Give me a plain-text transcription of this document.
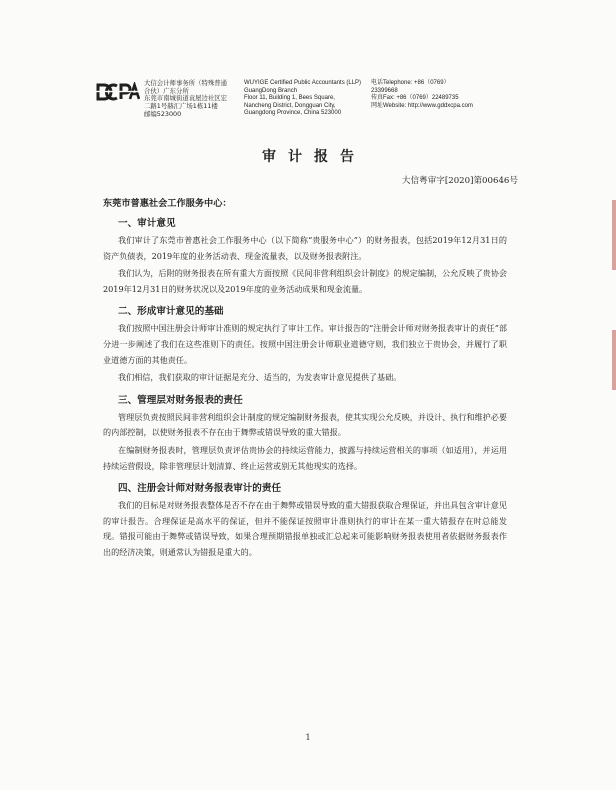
大信会计师事务所（特殊普通
合伙）广东分所
东莞市南城街道袁屋边社区宏
二路1号赫汇广场1栋11楼
邮编523000
WUYIGE Certified Public Accountants (LLP)
GuangDong Branch
Floor 11, Building 1, Bees Square,
Nancheng District, Dongguan City,
Guangdong Province, China 523000
电话Telephone: +86（0769）
23399668
传真Fax: +86（0769）22489735
网址Website: http://www.gddxcpa.com
审计报告
大信粤审字[2020]第00646号
东莞市普惠社会工作服务中心：
一、审计意见
我们审计了东莞市普惠社会工作服务中心（以下简称“贵服务中心”）的财务报表，包括2019年12月31日的资产负债表，2019年度的业务活动表、现金流量表，以及财务报表附注。
我们认为，后附的财务报表在所有重大方面按照《民间非营利组织会计制度》的规定编制，公允反映了贵协会2019年12月31日的财务状况以及2019年度的业务活动成果和现金流量。
二、形成审计意见的基础
我们按照中国注册会计师审计准则的规定执行了审计工作。审计报告的“注册会计师对财务报表审计的责任”部分进一步阐述了我们在这些准则下的责任。按照中国注册会计师职业道德守则，我们独立于贵协会，并履行了职业道德方面的其他责任。
我们相信，我们获取的审计证据是充分、适当的，为发表审计意见提供了基础。
三、管理层对财务报表的责任
管理层负责按照民间非营利组织会计制度的规定编制财务报表，使其实现公允反映，并设计、执行和维护必要的内部控制，以使财务报表不存在由于舞弊或错误导致的重大错报。
在编制财务报表时，管理层负责评估贵协会的持续运营能力，披露与持续运营相关的事项（如适用），并运用持续运营假设，除非管理层计划清算、终止运营或别无其他现实的选择。
四、注册会计师对财务报表审计的责任
我们的目标是对财务报表整体是否不存在由于舞弊或错误导致的重大错报获取合理保证，并出具包含审计意见的审计报告。合理保证是高水平的保证，但并不能保证按照审计准则执行的审计在某一重大错报存在时总能发现。错报可能由于舞弊或错误导致，如果合理预期错报单独或汇总起来可能影响财务报表使用者依据财务报表作出的经济决策，则通常认为错报是重大的。
1
